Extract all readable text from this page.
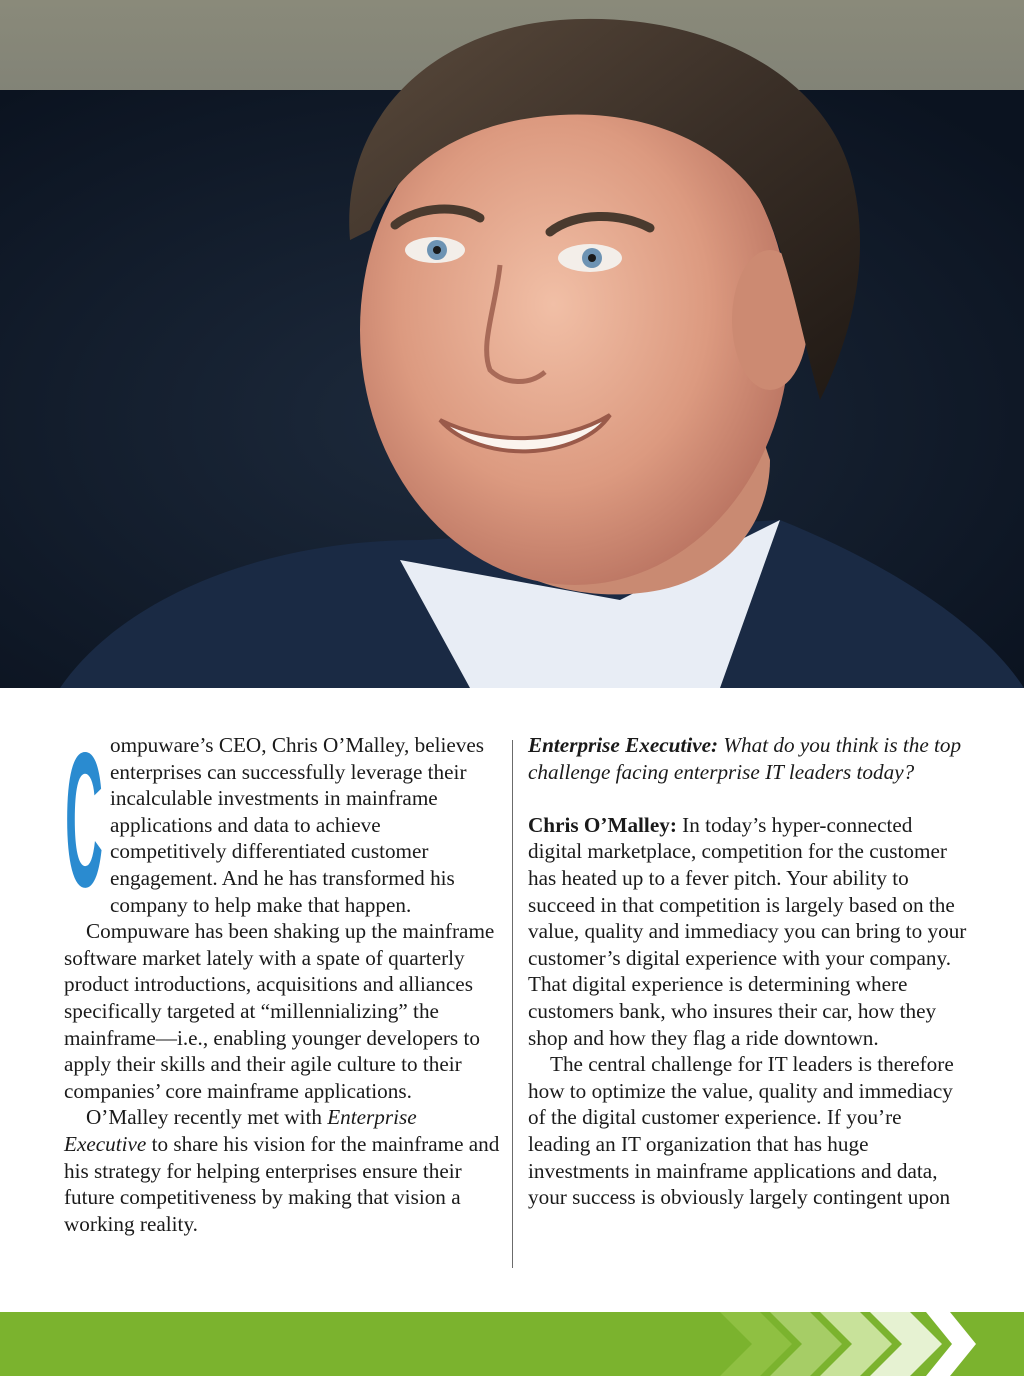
C ompuware’s CEO, Chris O’Malley, believes enterprises can successfully leverage their incalculable investments in mainframe applications and data to achieve competitively differentiated customer engagement. And he has transformed his company to help make that happen.

Compuware has been shaking up the mainframe software market lately with a spate of quarterly product introductions, acquisitions and alliances specifically targeted at “millennializing” the mainframe—i.e., enabling younger developers to apply their skills and their agile culture to their companies’ core mainframe applications.

O’Malley recently met with Enterprise Executive to share his vision for the mainframe and his strategy for helping enterprises ensure their future competitiveness by making that vision a working reality.

Enterprise Executive: What do you think is the top challenge facing enterprise IT leaders today?

Chris O’Malley: In today’s hyper-connected digital marketplace, competition for the customer has heated up to a fever pitch. Your ability to succeed in that competition is largely based on the value, quality and immediacy you can bring to your customer’s digital experience with your company. That digital experience is determining where customers bank, who insures their car, how they shop and how they flag a ride downtown.

The central challenge for IT leaders is therefore how to optimize the value, quality and immediacy of the digital customer experience. If you’re leading an IT organization that has huge investments in mainframe applications and data, your success is obviously largely contingent upon
